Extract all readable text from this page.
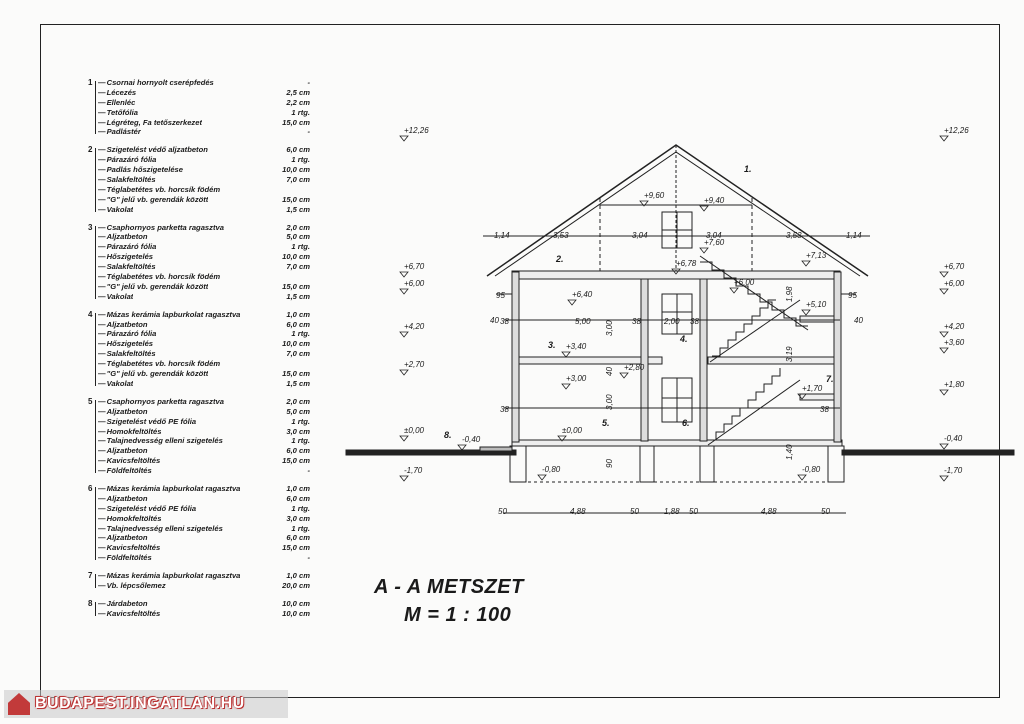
1	— Csornai hornyolt cserépfedés	-
— Lécezés	2,5 cm
— Ellenléc	2,2 cm
— Tetőfólia	1 rtg.
— Légréteg, Fa tetőszerkezet	15,0 cm
— Padlástér	-
2	— Szigetelést védő aljzatbeton	6,0 cm
— Párazáró fólia	1 rtg.
— Padlás hőszigetelése	10,0 cm
— Salakfeltöltés	7,0 cm
— Téglabetétes vb. horcsík födém
— "G" jelű vb. gerendák között	15,0 cm
— Vakolat	1,5 cm
3	— Csaphornyos parketta ragasztva	2,0 cm
— Aljzatbeton	5,0 cm
— Párazáró fólia	1 rtg.
— Hőszigetelés	10,0 cm
— Salakfeltöltés	7,0 cm
— Téglabetétes vb. horcsík födém
— "G" jelű vb. gerendák között	15,0 cm
— Vakolat	1,5 cm
4	— Mázas kerámia lapburkolat ragasztva	1,0 cm
— Aljzatbeton	6,0 cm
— Párazáró fólia	1 rtg.
— Hőszigetelés	10,0 cm
— Salakfeltöltés	7,0 cm
— Téglabetétes vb. horcsík födém
— "G" jelű vb. gerendák között	15,0 cm
— Vakolat	1,5 cm
5	— Csaphornyos parketta ragasztva	2,0 cm
— Aljzatbeton	5,0 cm
— Szigetelést védő PE fólia	1 rtg.
— Homokfeltöltés	3,0 cm
— Talajnedvesség elleni szigetelés	1 rtg.
— Aljzatbeton	6,0 cm
— Kavicsfeltöltés	15,0 cm
— Földfeltöltés	-
6	— Mázas kerámia lapburkolat ragasztva	1,0 cm
— Aljzatbeton	6,0 cm
— Szigetelést védő PE fólia	1 rtg.
— Homokfeltöltés	3,0 cm
— Talajnedvesség elleni szigetelés	1 rtg.
— Aljzatbeton	6,0 cm
— Kavicsfeltöltés	15,0 cm
— Földfeltöltés	-
7	— Mázas kerámia lapburkolat ragasztva	1,0 cm
— Vb. lépcsőlemez	20,0 cm
8	— Járdabeton	10,0 cm
— Kavicsfeltöltés	10,0 cm
+12,26
+6,70
+6,00
+4,20
+2,70
±0,00
-1,70
+12,26
+6,70
+6,00
+4,20
+3,60
+1,80
-0,40
-1,70
+9,60
+9,40
+7,60
+6,78
+7,13
+6,40
+6,00
+5,10
+3,40
+3,00
+2,80
+1,70
±0,00
-0,40
-0,80	-0,80
1,14	3,53	3,04	3,04	3,53	1,14
50	4,88	50	1,88 50	4,88	50
38	5,00	38	2,00 38
95
40
38
95
40
38
3,00
3,00
1,98
3,19
40
90
1,40
1.
2.
3.
4.
5.	6.
7.
8.
A - A METSZET
M = 1 : 100
BUDAPEST.INGATLAN.HU
